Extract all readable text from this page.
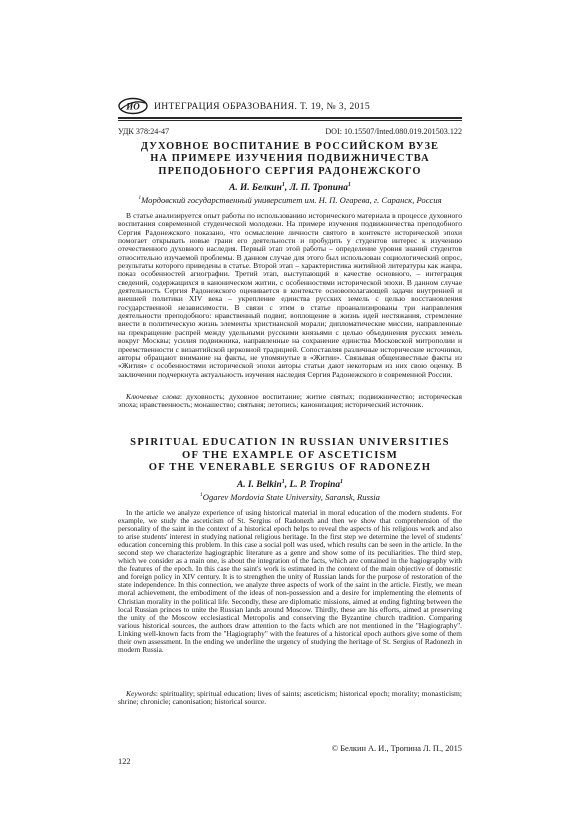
ИО ИНТЕГРАЦИЯ ОБРАЗОВАНИЯ. Т. 19, № 3, 2015
УДК 378:24-47	DOI: 10.15507/Inted.080.019.201503.122
ДУХОВНОЕ ВОСПИТАНИЕ В РОССИЙСКОМ ВУЗЕ
НА ПРИМЕРЕ ИЗУЧЕНИЯ ПОДВИЖНИЧЕСТВА
ПРЕПОДОБНОГО СЕРГИЯ РАДОНЕЖСКОГО
А. И. Белкин$^1$, Л. П. Тропина$^1$
$^1$Мордовский государственный университет им. Н. П. Огарева, г. Саранск, Россия
В статье анализируется опыт работы по использованию исторического материала в процессе духовного воспитания современной студенческой молодежи. На примере изучения подвижничества преподобного Сергия Радонежского показано, что осмысление личности святого в контексте исторической эпохи помогает открывать новые грани его деятельности и пробудить у студентов интерес к изучению отечественного духовного наследия. Первый этап этой работы – определение уровня знаний студентов относительно изучаемой проблемы. В данном случае для этого был использован социологический опрос, результаты которого приведены в статье. Второй этап – характеристика житийной литературы как жанра, показ особенностей агиографии. Третий этап, выступающий в качестве основного, – интеграция сведений, содержащихся в каноническом житии, с особенностями исторической эпохи. В данном случае деятельность Сергия Радонежского оценивается в контексте основополагающей задачи внутренней и внешней политики XIV века – укрепление единства русских земель с целью восстановления государственной независимости. В связи с этим в статье проанализированы три направления деятельности преподобного: нравственный подвиг, воплощение в жизнь идей нестяжания, стремление внести в политическую жизнь элементы христианской морали; дипломатические миссии, направленные на прекращение распрей между удельными русскими князьями с целью объединения русских земель вокруг Москвы; усилия подвижника, направленные на сохранение единства Московской митрополии и преемственности с византийской церковной традицией. Сопоставляя различные исторические источники, авторы обращают внимание на факты, не упомянутые в «Житии». Связывая общеизвестные факты из «Жития» с особенностями исторической эпохи авторы статьи дают некоторым из них свою оценку. В заключении подчеркнута актуальность изучения наследия Сергия Радонежского в современной России.
Ключевые слова: духовность; духовное воспитание; житие святых; подвижничество; историческая эпоха; нравственность; монашество; святыня; летопись; канонизация; исторический источник.
SPIRITUAL EDUCATION IN RUSSIAN UNIVERSITIES
OF THE EXAMPLE OF ASCETICISM
OF THE VENERABLE SERGIUS OF RADONEZH
A. I. Belkin$^1$, L. P. Tropina$^1$
$^1$Ogarev Mordovia State University, Saransk, Russia
In the article we analyze experience of using historical material in moral education of the modern students. For example, we study the asceticism of St. Sergius of Radonezh and then we show that comprehension of the personality of the saint in the context of a historical epoch helps to reveal the aspects of his religious work and also to arise students' interest in studying national religious heritage. In the first step we determine the level of students' education concerning this problem. In this case a social poll was used, which results can be seen in the article. In the second step we characterize hagiographic literature as a genre and show some of its peculiarities. The third step, which we consider as a main one, is about the integration of the facts, which are contained in the hagiography with the features of the epoch. In this case the saint's work is estimated in the context of the main objective of domestic and foreign policy in XIV century. It is to strengthen the unity of Russian lands for the purpose of restoration of the state independence. In this connection, we analyze three aspects of work of the saint in the article. Firstly, we mean moral achievement, the embodiment of the ideas of non-possession and a desire for implementing the elements of Christian morality in the political life. Secondly, these are diplomatic missions, aimed at ending fighting between the local Russian princes to unite the Russian lands around Moscow. Thirdly, these are his efforts, aimed at preserving the unity of the Moscow ecclesiastical Metropolis and conserving the Byzantine church tradition. Comparing various historical sources, the authors draw attention to the facts which are not mentioned in the "Hagiography". Linking well-known facts from the "Hagiography" with the features of a historical epoch authors give some of them their own assessment. In the ending we underline the urgency of studying the heritage of St. Sergius of Radonezh in modern Russia.
Keywords: spirituality; spiritual education; lives of saints; asceticism; historical epoch; morality; monasticism; shrine; chronicle; canonisation; historical source.
© Белкин А. И., Тропина Л. П., 2015
122
